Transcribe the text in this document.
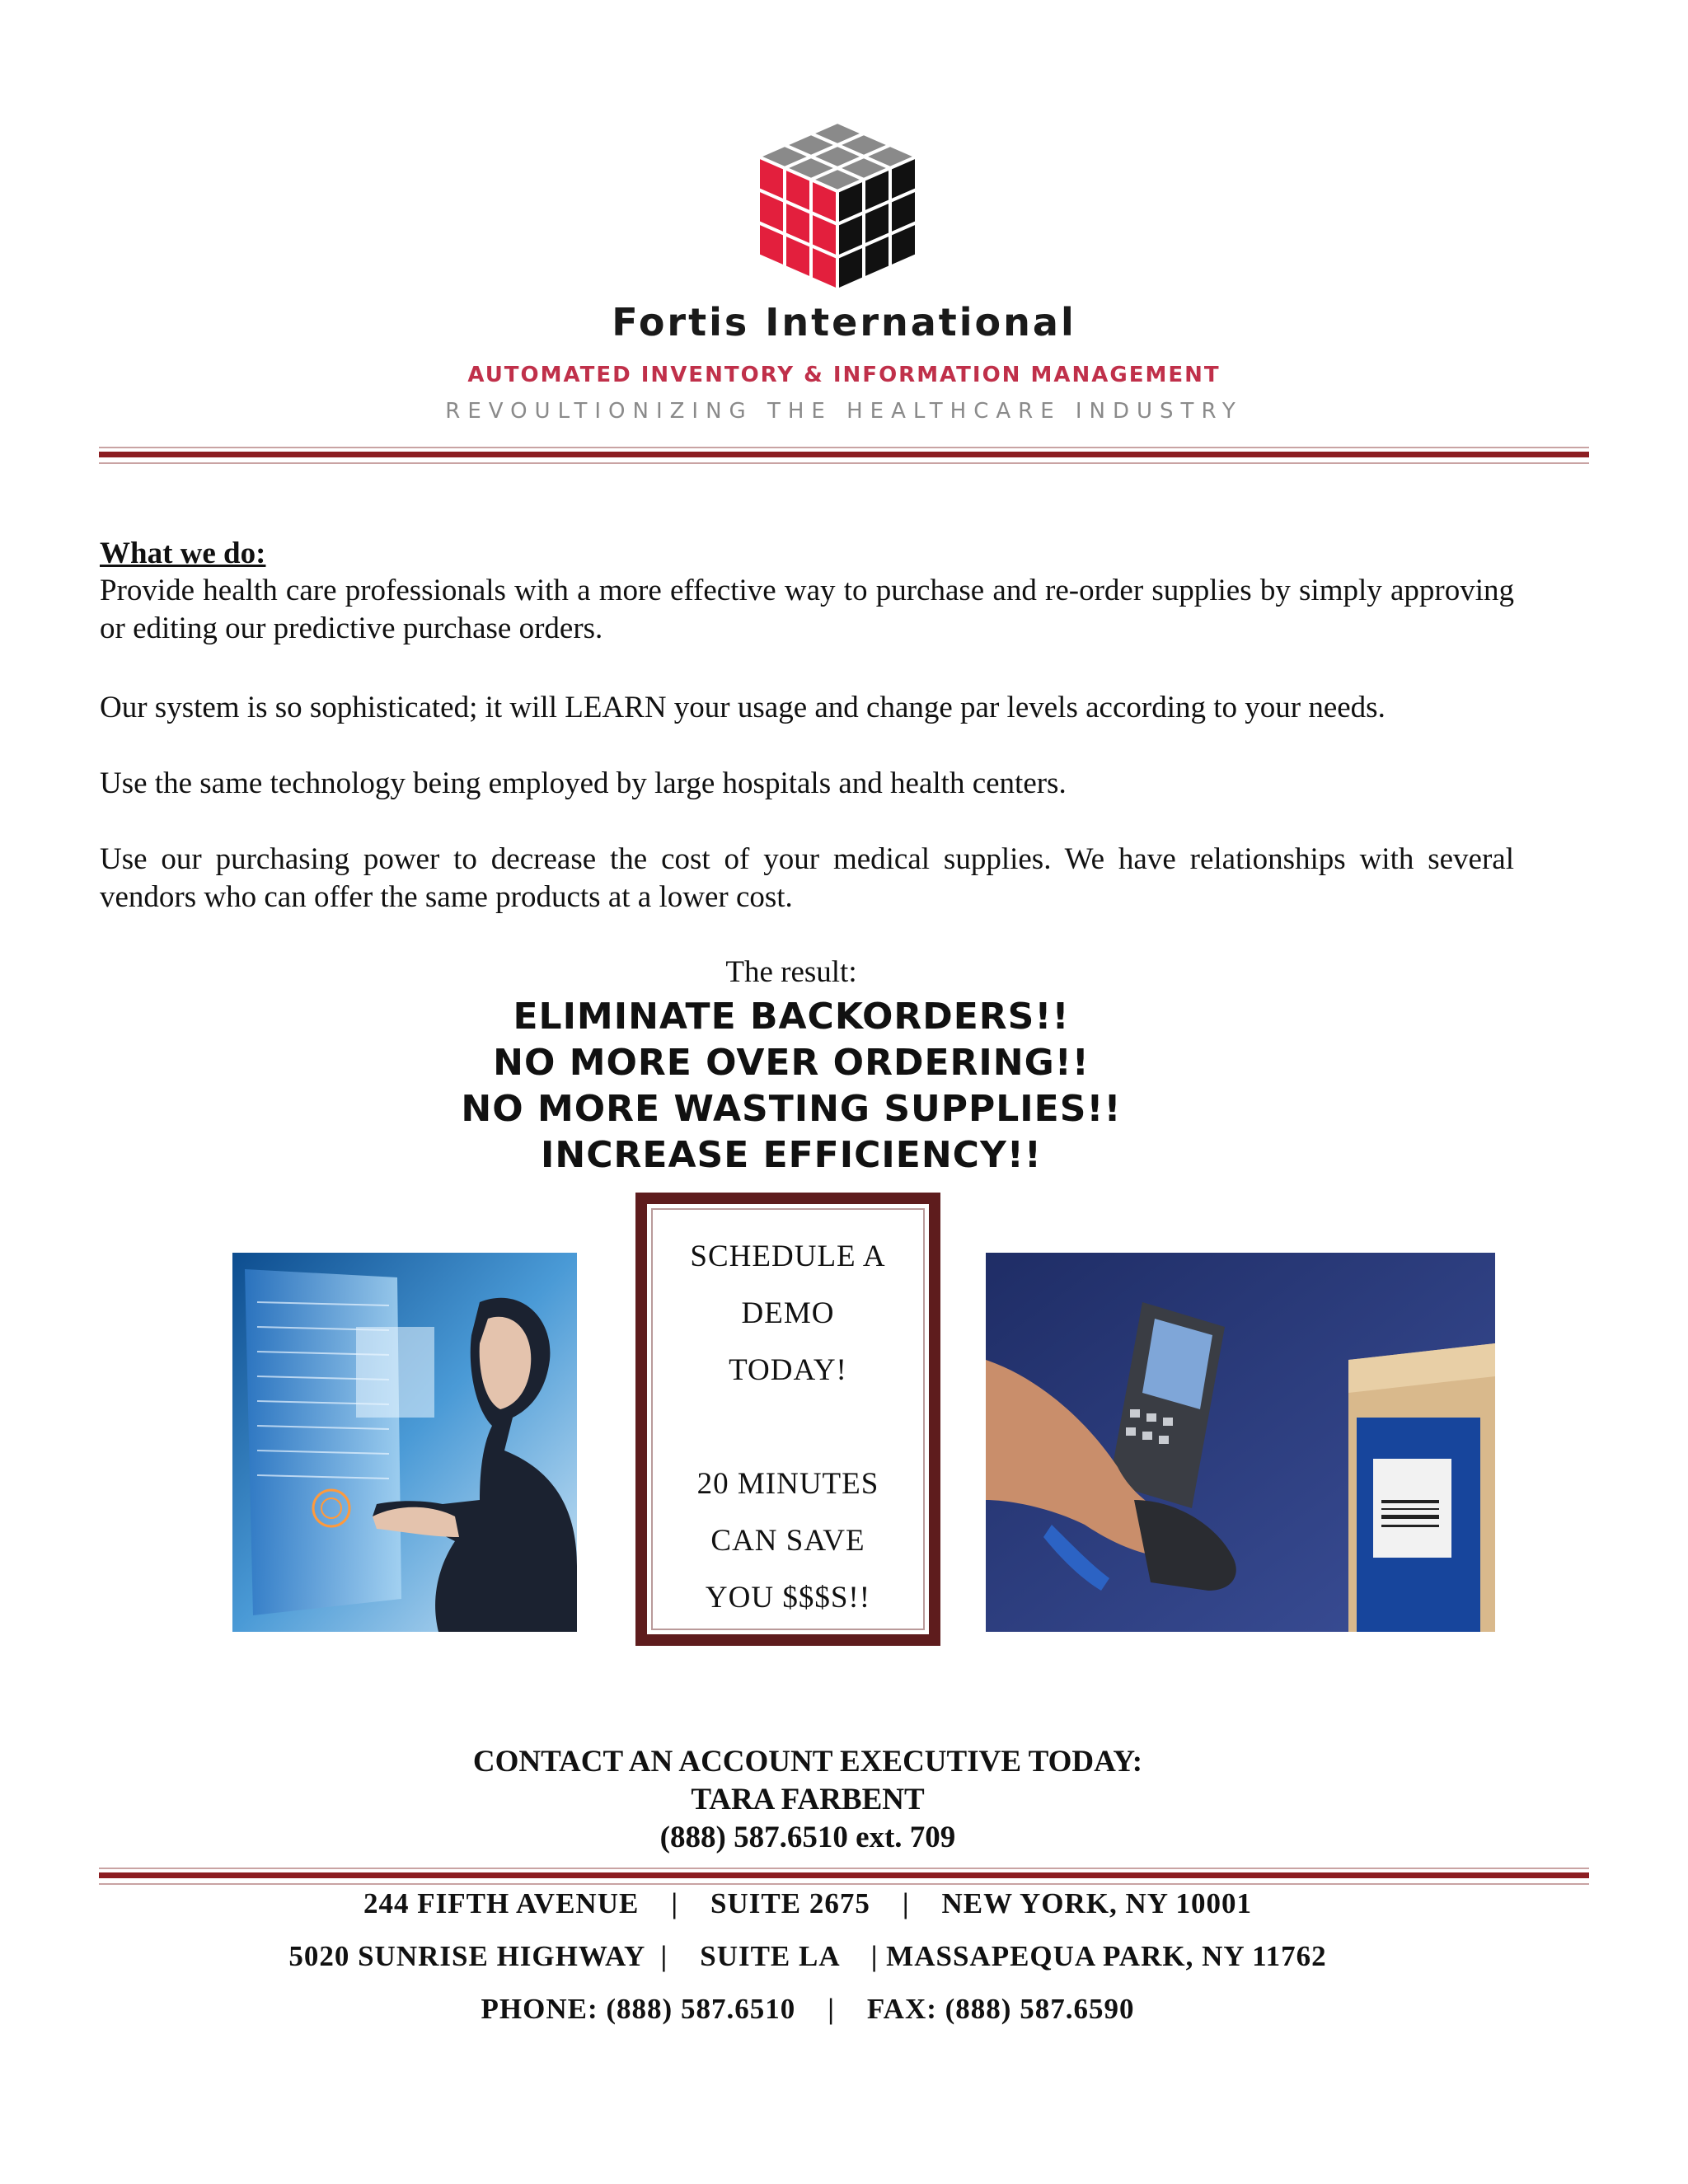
Fortis International

AUTOMATED INVENTORY & INFORMATION MANAGEMENT

REVOULTIONIZING THE HEALTHCARE INDUSTRY

What we do:

Provide health care professionals with a more effective way to purchase and re-order supplies by simply approving or editing our predictive purchase orders.

Our system is so sophisticated; it will LEARN your usage and change par levels according to your needs.

Use the same technology being employed by large hospitals and health centers.

Use our purchasing power to decrease the cost of your medical supplies. We have relationships with several vendors who can offer the same products at a lower cost.

The result:

ELIMINATE BACKORDERS!!
NO MORE OVER ORDERING!!
NO MORE WASTING SUPPLIES!!
INCREASE EFFICIENCY!!
SCHEDULE A
DEMO
TODAY!
20 MINUTES
CAN SAVE
YOU $$$S!!
CONTACT AN ACCOUNT EXECUTIVE TODAY:
TARA FARBENT
(888) 587.6510 ext. 709
244 FIFTH AVENUE    |    SUITE 2675    |    NEW YORK, NY 10001
5020 SUNRISE HIGHWAY  |    SUITE LA    | MASSAPEQUA PARK, NY 11762
PHONE: (888) 587.6510    |    FAX: (888) 587.6590
